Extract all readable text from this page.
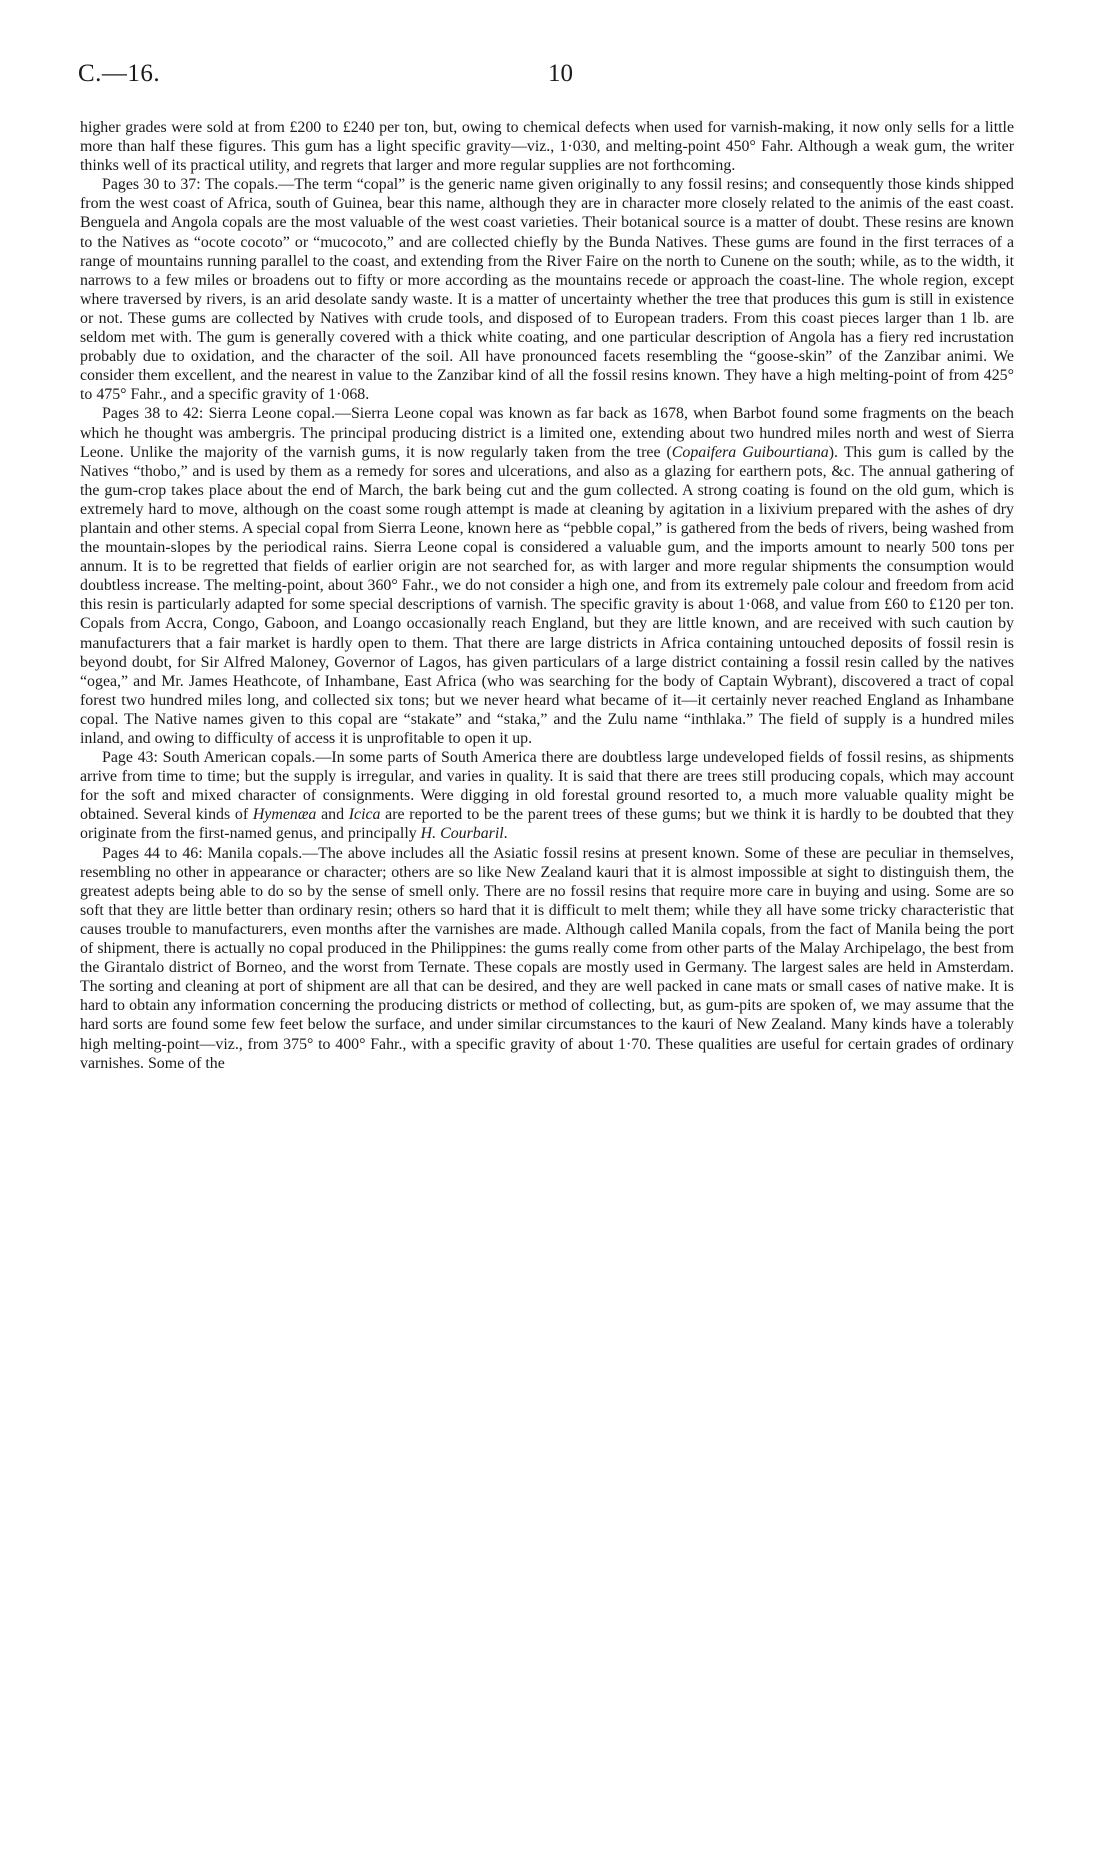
C.—16.	10

higher grades were sold at from £200 to £240 per ton, but, owing to chemical defects when used for varnish-making, it now only sells for a little more than half these figures. This gum has a light specific gravity—viz., 1·030, and melting-point 450° Fahr. Although a weak gum, the writer thinks well of its practical utility, and regrets that larger and more regular supplies are not forthcoming.

Pages 30 to 37: The copals.—The term “copal” is the generic name given originally to any fossil resins; and consequently those kinds shipped from the west coast of Africa, south of Guinea, bear this name, although they are in character more closely related to the animis of the east coast. Benguela and Angola copals are the most valuable of the west coast varieties. Their botanical source is a matter of doubt. These resins are known to the Natives as “ocote cocoto” or “mucocoto,” and are collected chiefly by the Bunda Natives. These gums are found in the first terraces of a range of mountains running parallel to the coast, and extending from the River Faire on the north to Cunene on the south; while, as to the width, it narrows to a few miles or broadens out to fifty or more according as the mountains recede or approach the coast-line. The whole region, except where traversed by rivers, is an arid desolate sandy waste. It is a matter of uncertainty whether the tree that produces this gum is still in existence or not. These gums are collected by Natives with crude tools, and disposed of to European traders. From this coast pieces larger than 1 lb. are seldom met with. The gum is generally covered with a thick white coating, and one particular description of Angola has a fiery red incrustation probably due to oxidation, and the character of the soil. All have pronounced facets resembling the “goose-skin” of the Zanzibar animi. We consider them excellent, and the nearest in value to the Zanzibar kind of all the fossil resins known. They have a high melting-point of from 425° to 475° Fahr., and a specific gravity of 1·068.

Pages 38 to 42: Sierra Leone copal.—Sierra Leone copal was known as far back as 1678, when Barbot found some fragments on the beach which he thought was ambergris. The principal producing district is a limited one, extending about two hundred miles north and west of Sierra Leone. Unlike the majority of the varnish gums, it is now regularly taken from the tree (Copaifera Guibourtiana). This gum is called by the Natives “thobo,” and is used by them as a remedy for sores and ulcerations, and also as a glazing for earthern pots, &c. The annual gathering of the gum-crop takes place about the end of March, the bark being cut and the gum collected. A strong coating is found on the old gum, which is extremely hard to move, although on the coast some rough attempt is made at cleaning by agitation in a lixivium prepared with the ashes of dry plantain and other stems. A special copal from Sierra Leone, known here as “pebble copal,” is gathered from the beds of rivers, being washed from the mountain-slopes by the periodical rains. Sierra Leone copal is considered a valuable gum, and the imports amount to nearly 500 tons per annum. It is to be regretted that fields of earlier origin are not searched for, as with larger and more regular shipments the consumption would doubtless increase. The melting-point, about 360° Fahr., we do not consider a high one, and from its extremely pale colour and freedom from acid this resin is particularly adapted for some special descriptions of varnish. The specific gravity is about 1·068, and value from £60 to £120 per ton. Copals from Accra, Congo, Gaboon, and Loango occasionally reach England, but they are little known, and are received with such caution by manufacturers that a fair market is hardly open to them. That there are large districts in Africa containing untouched deposits of fossil resin is beyond doubt, for Sir Alfred Maloney, Governor of Lagos, has given particulars of a large district containing a fossil resin called by the natives “ogea,” and Mr. James Heathcote, of Inhambane, East Africa (who was searching for the body of Captain Wybrant), discovered a tract of copal forest two hundred miles long, and collected six tons; but we never heard what became of it—it certainly never reached England as Inhambane copal. The Native names given to this copal are “stakate” and “staka,” and the Zulu name “inthlaka.” The field of supply is a hundred miles inland, and owing to difficulty of access it is unprofitable to open it up.

Page 43: South American copals.—In some parts of South America there are doubtless large undeveloped fields of fossil resins, as shipments arrive from time to time; but the supply is irregular, and varies in quality. It is said that there are trees still producing copals, which may account for the soft and mixed character of consignments. Were digging in old forestal ground resorted to, a much more valuable quality might be obtained. Several kinds of Hymenæa and Icica are reported to be the parent trees of these gums; but we think it is hardly to be doubted that they originate from the first-named genus, and principally H. Courbaril.

Pages 44 to 46: Manila copals.—The above includes all the Asiatic fossil resins at present known. Some of these are peculiar in themselves, resembling no other in appearance or character; others are so like New Zealand kauri that it is almost impossible at sight to distinguish them, the greatest adepts being able to do so by the sense of smell only. There are no fossil resins that require more care in buying and using. Some are so soft that they are little better than ordinary resin; others so hard that it is difficult to melt them; while they all have some tricky characteristic that causes trouble to manufacturers, even months after the varnishes are made. Although called Manila copals, from the fact of Manila being the port of shipment, there is actually no copal produced in the Philippines: the gums really come from other parts of the Malay Archipelago, the best from the Girantalo district of Borneo, and the worst from Ternate. These copals are mostly used in Germany. The largest sales are held in Amsterdam. The sorting and cleaning at port of shipment are all that can be desired, and they are well packed in cane mats or small cases of native make. It is hard to obtain any information concerning the producing districts or method of collecting, but, as gum-pits are spoken of, we may assume that the hard sorts are found some few feet below the surface, and under similar circumstances to the kauri of New Zealand. Many kinds have a tolerably high melting-point—viz., from 375° to 400° Fahr., with a specific gravity of about 1·70. These qualities are useful for certain grades of ordinary varnishes. Some of the
